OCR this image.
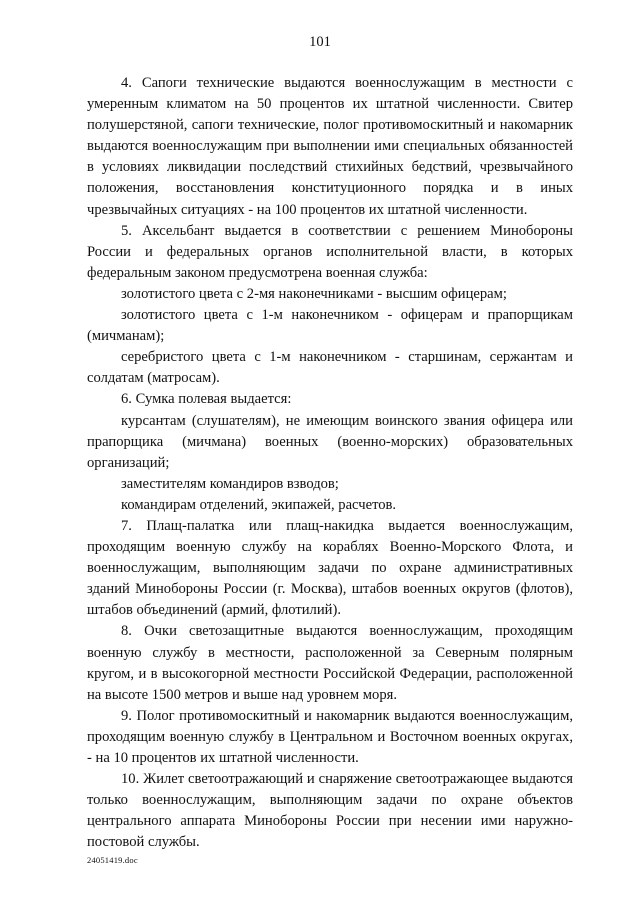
101

4. Сапоги технические выдаются военнослужащим в местности с умеренным климатом на 50 процентов их штатной численности. Свитер полушерстяной, сапоги технические, полог противомоскитный и накомарник выдаются военнослужащим при выполнении ими специальных обязанностей в условиях ликвидации последствий стихийных бедствий, чрезвычайного положения, восстановления конституционного порядка и в иных чрезвычайных ситуациях - на 100 процентов их штатной численности.

5. Аксельбант выдается в соответствии с решением Минобороны России и федеральных органов исполнительной власти, в которых федеральным законом предусмотрена военная служба:

золотистого цвета с 2-мя наконечниками - высшим офицерам;

золотистого цвета с 1-м наконечником - офицерам и прапорщикам (мичманам);

серебристого цвета с 1-м наконечником - старшинам, сержантам и солдатам (матросам).

6. Сумка полевая выдается:

курсантам (слушателям), не имеющим воинского звания офицера или прапорщика (мичмана) военных (военно-морских) образовательных организаций;

заместителям командиров взводов;

командирам отделений, экипажей, расчетов.

7. Плащ-палатка или плащ-накидка выдается военнослужащим, проходящим военную службу на кораблях Военно-Морского Флота, и военнослужащим, выполняющим задачи по охране административных зданий Минобороны России (г. Москва), штабов военных округов (флотов), штабов объединений (армий, флотилий).

8. Очки светозащитные выдаются военнослужащим, проходящим военную службу в местности, расположенной за Северным полярным кругом, и в высокогорной местности Российской Федерации, расположенной на высоте 1500 метров и выше над уровнем моря.

9. Полог противомоскитный и накомарник выдаются военнослужащим, проходящим военную службу в Центральном и Восточном военных округах, - на 10 процентов их штатной численности.

10. Жилет светоотражающий и снаряжение светоотражающее выдаются только военнослужащим, выполняющим задачи по охране объектов центрального аппарата Минобороны России при несении ими наружно-постовой службы.

24051419.doc
